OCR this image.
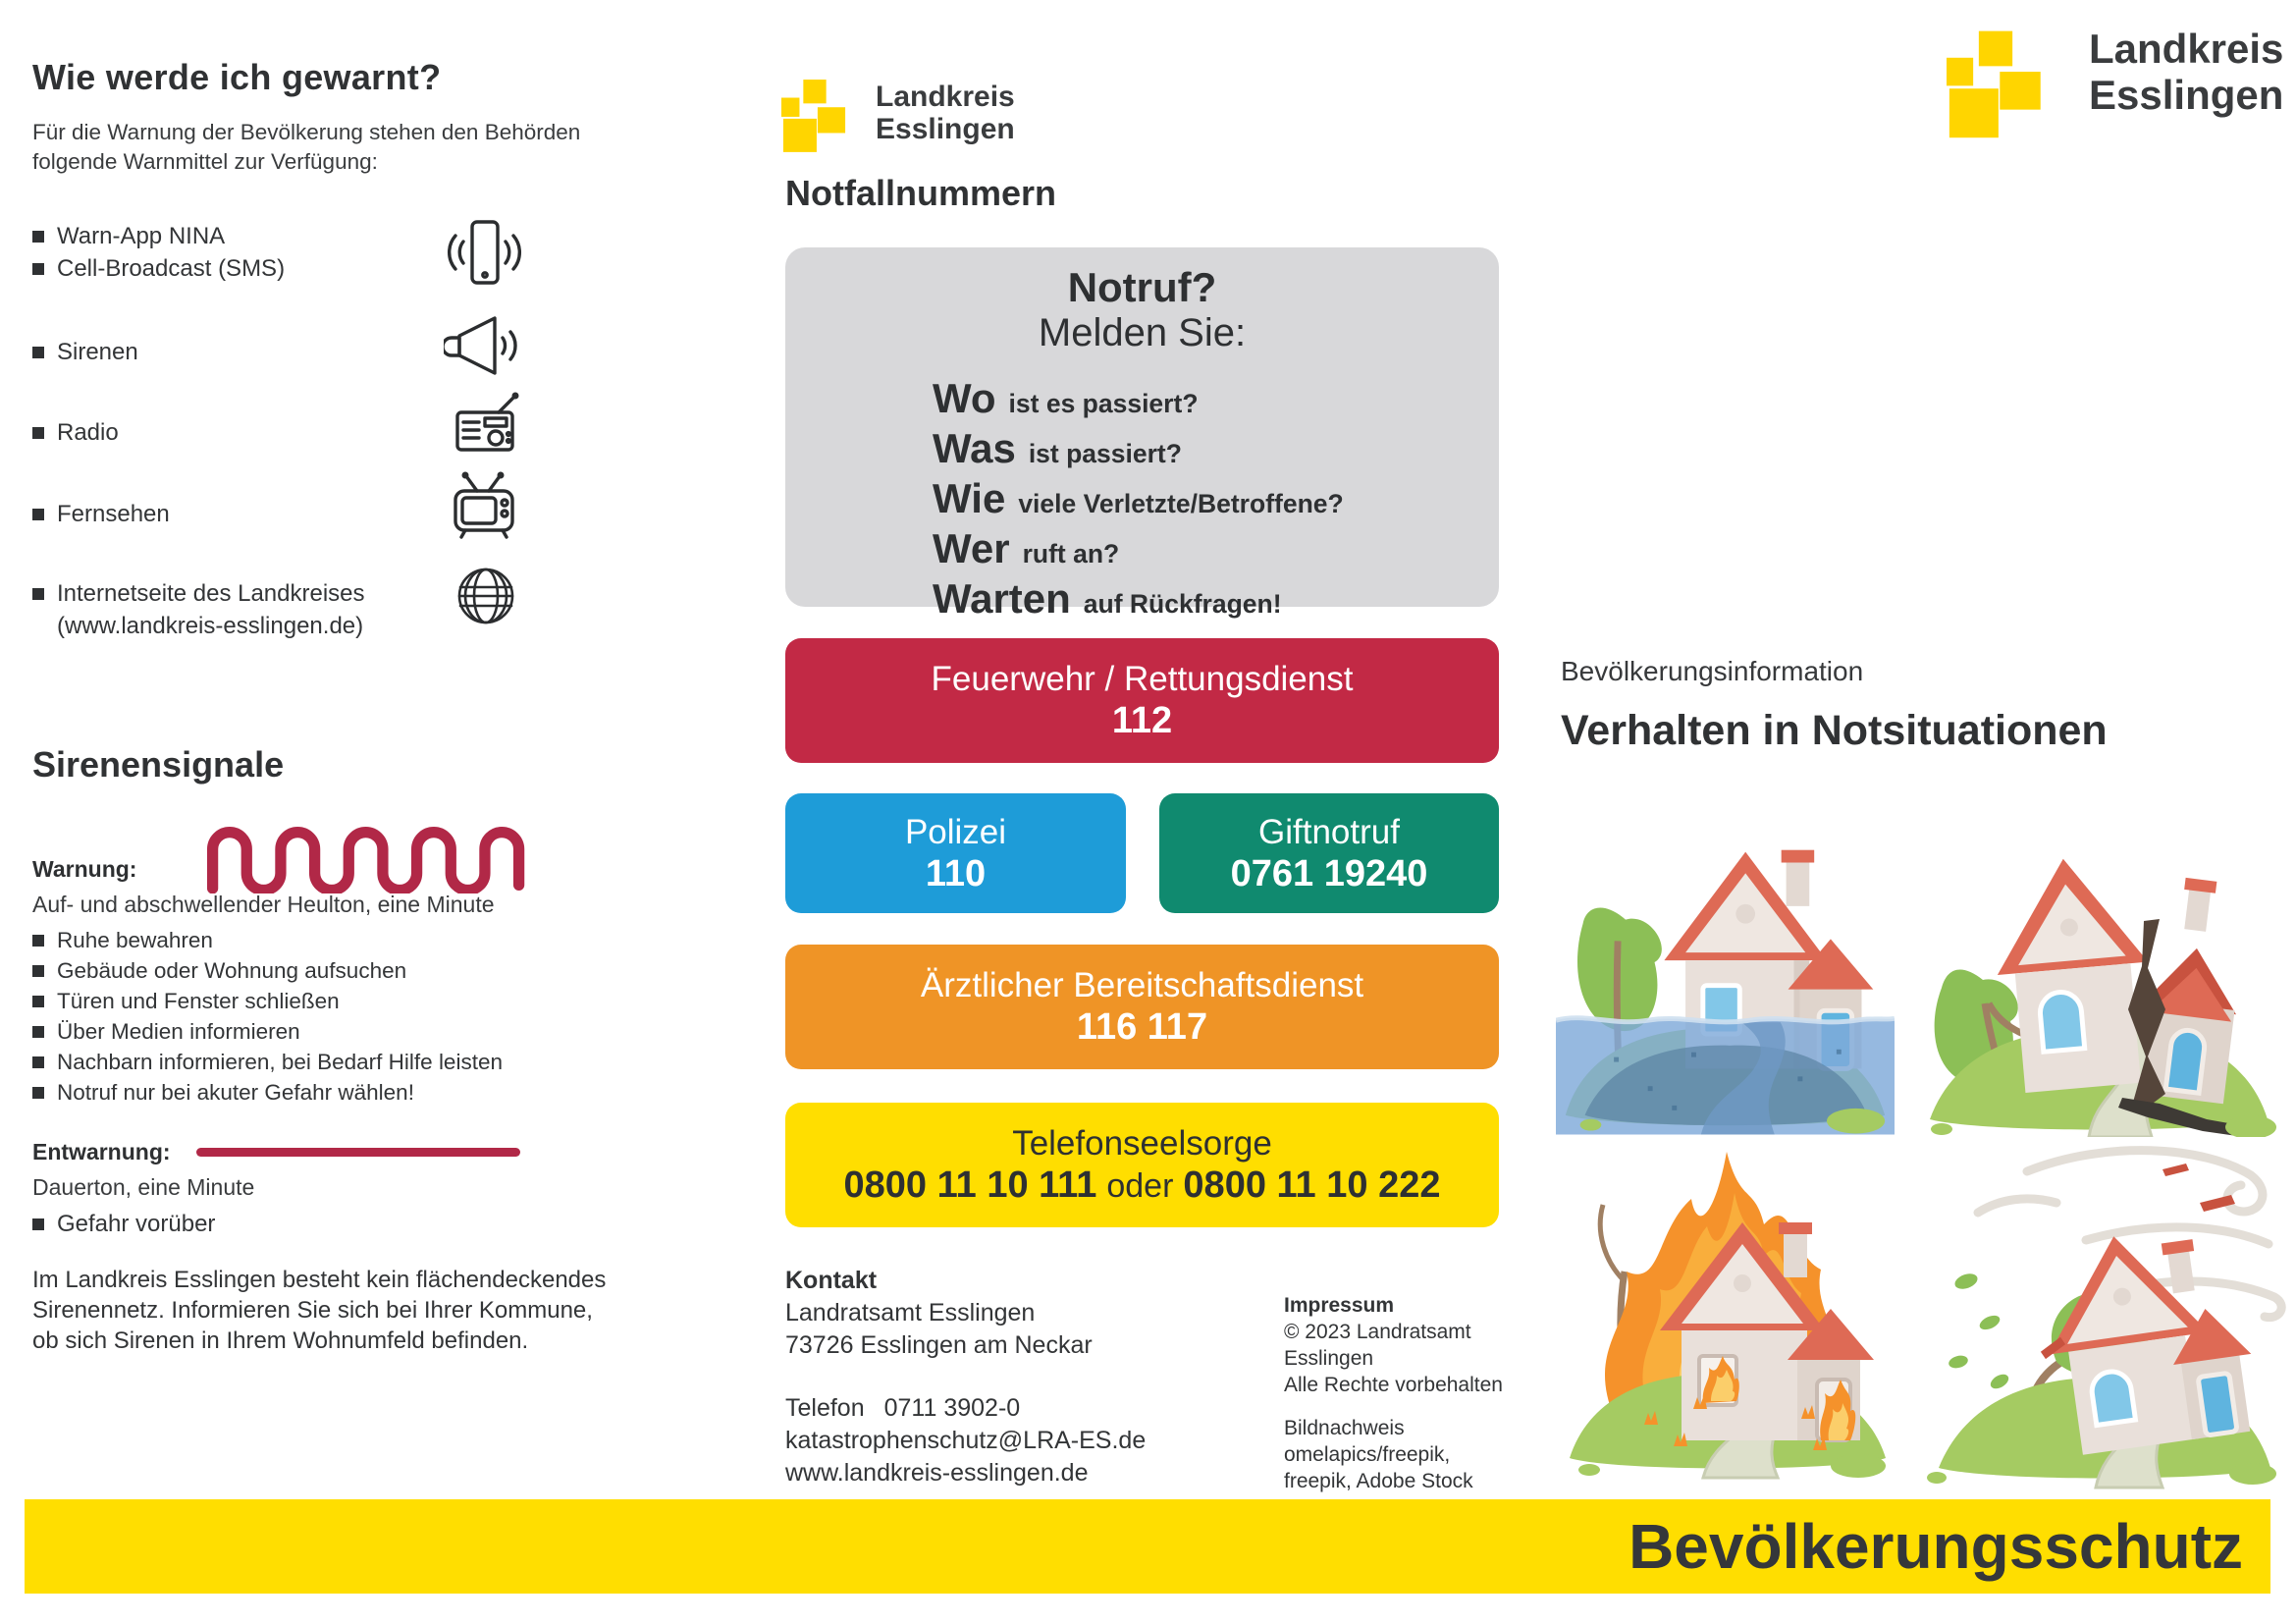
Wie werde ich gewarnt?
Für die Warnung der Bevölkerung stehen den Behörden
folgende Warnmittel zur Verfügung:
Warn-App NINA
Cell-Broadcast (SMS)
Sirenen
Radio
Fernsehen
Internetseite des Landkreises
(www.landkreis-esslingen.de)
Sirenensignale
Warnung:
Auf- und abschwellender Heulton, eine Minute
Ruhe bewahren
Gebäude oder Wohnung aufsuchen
Türen und Fenster schließen
Über Medien informieren
Nachbarn informieren, bei Bedarf Hilfe leisten
Notruf nur bei akuter Gefahr wählen!
Entwarnung:
Dauerton, eine Minute
Gefahr vorüber
Im Landkreis Esslingen besteht kein flächendeckendes
Sirenennetz. Informieren Sie sich bei Ihrer Kommune,
ob sich Sirenen in Ihrem Wohnumfeld befinden.
Landkreis
Esslingen
Notfallnummern
Notruf?
Melden Sie:
Wo ist es passiert?
Was ist passiert?
Wie viele Verletzte/Betroffene?
Wer ruft an?
Warten auf Rückfragen!
Feuerwehr / Rettungsdienst
112
Polizei
110
Giftnotruf
0761 19240
Ärztlicher Bereitschaftsdienst
116 117
Telefonseelsorge
0800 11 10 111 oder 0800 11 10 222
Kontakt
Landratsamt Esslingen
73726 Esslingen am Neckar
Telefon 0711 3902-0
katastrophenschutz@LRA-ES.de
www.landkreis-esslingen.de
Impressum
© 2023 Landratsamt
Esslingen
Alle Rechte vorbehalten
Bildnachweis
omelapics/freepik,
freepik, Adobe Stock
Landkreis
Esslingen
Bevölkerungsinformation
Verhalten in Notsituationen
Bevölkerungsschutz
